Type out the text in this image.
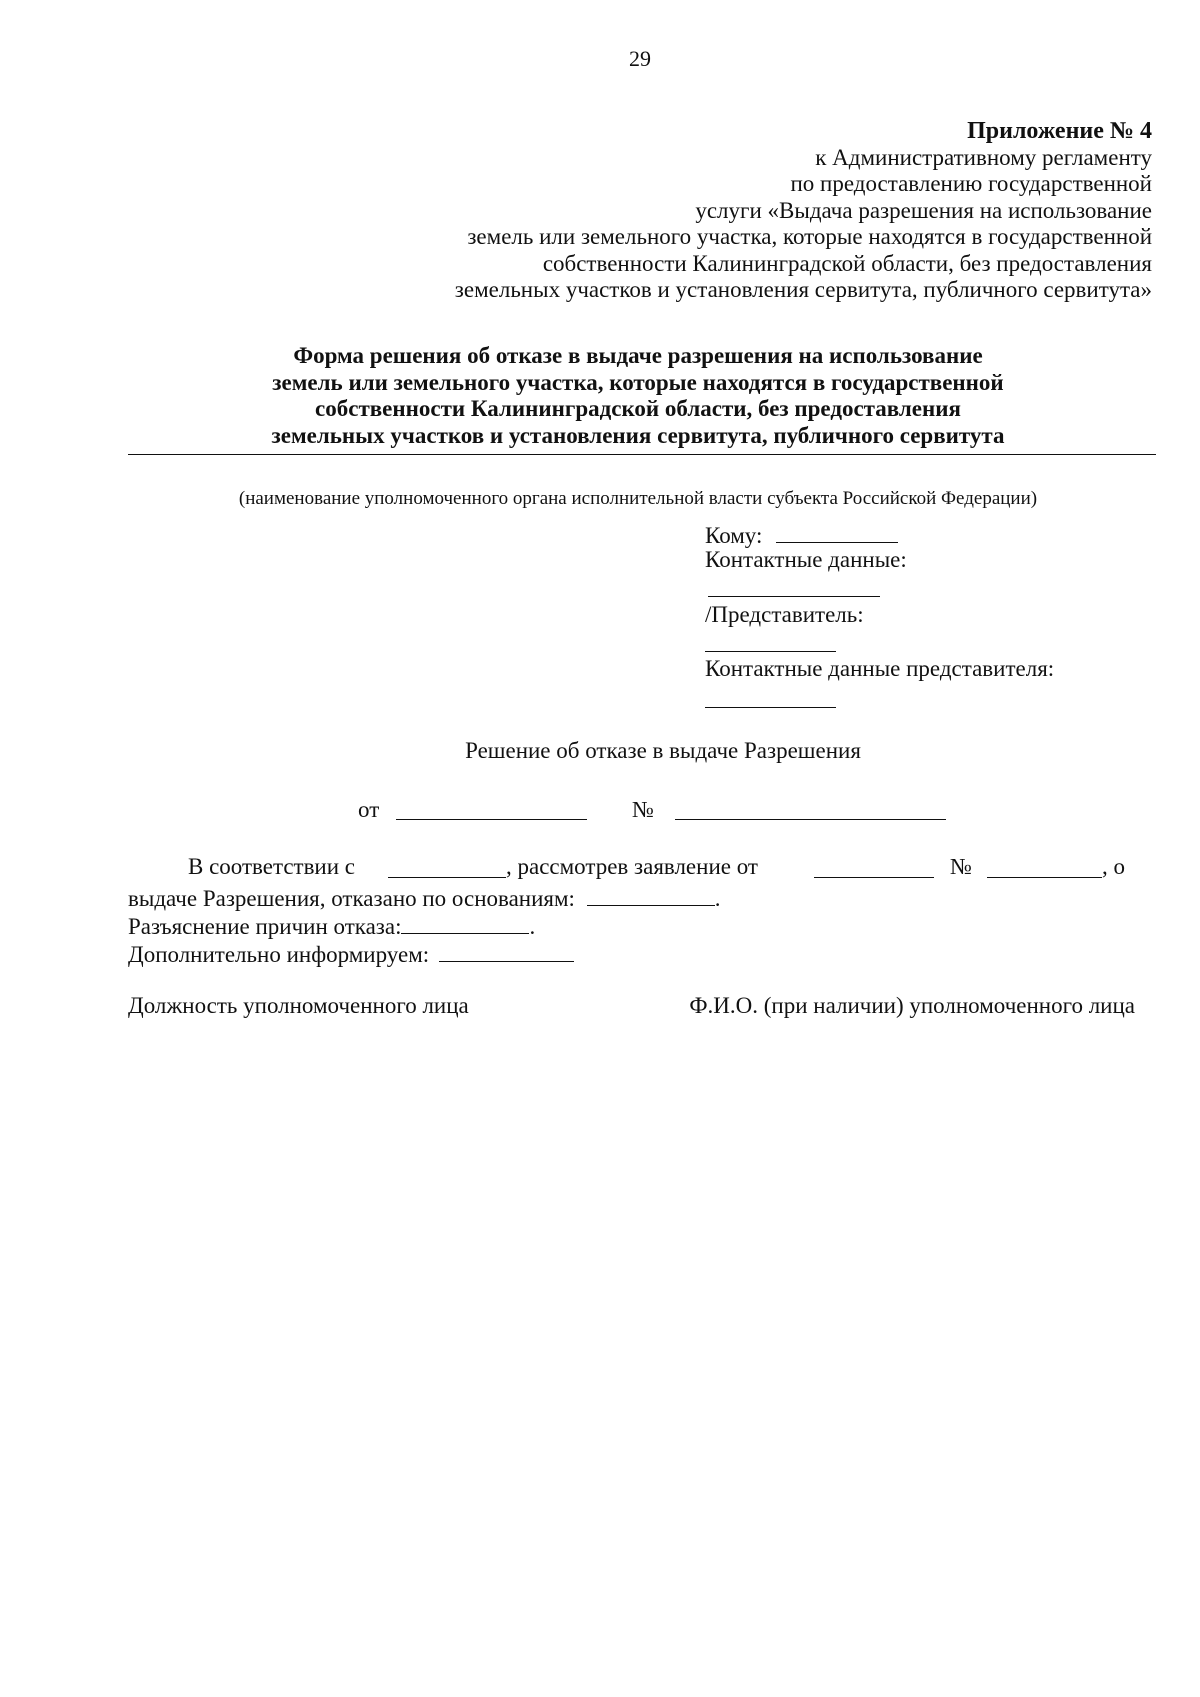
29
Приложение № 4
к Административному регламенту
по предоставлению государственной
услуги «Выдача разрешения на использование
земель или земельного участка, которые находятся в государственной
собственности Калининградской области, без предоставления
земельных участков и установления сервитута, публичного сервитута»
Форма решения об отказе в выдаче разрешения на использование
земель или земельного участка, которые находятся в государственной
собственности Калининградской области, без предоставления
земельных участков и установления сервитута, публичного сервитута
(наименование уполномоченного органа исполнительной власти субъекта Российской Федерации)
Кому:
Контактные данные:
/Представитель:
Контактные данные представителя:
Решение об отказе в выдаче Разрешения
от	№
В соответствии с	, рассмотрев заявление от	№	, о
выдаче Разрешения, отказано по основаниям:	.
Разъяснение причин отказа:	.
Дополнительно информируем:
Должность уполномоченного лица	Ф.И.О. (при наличии) уполномоченного лица
